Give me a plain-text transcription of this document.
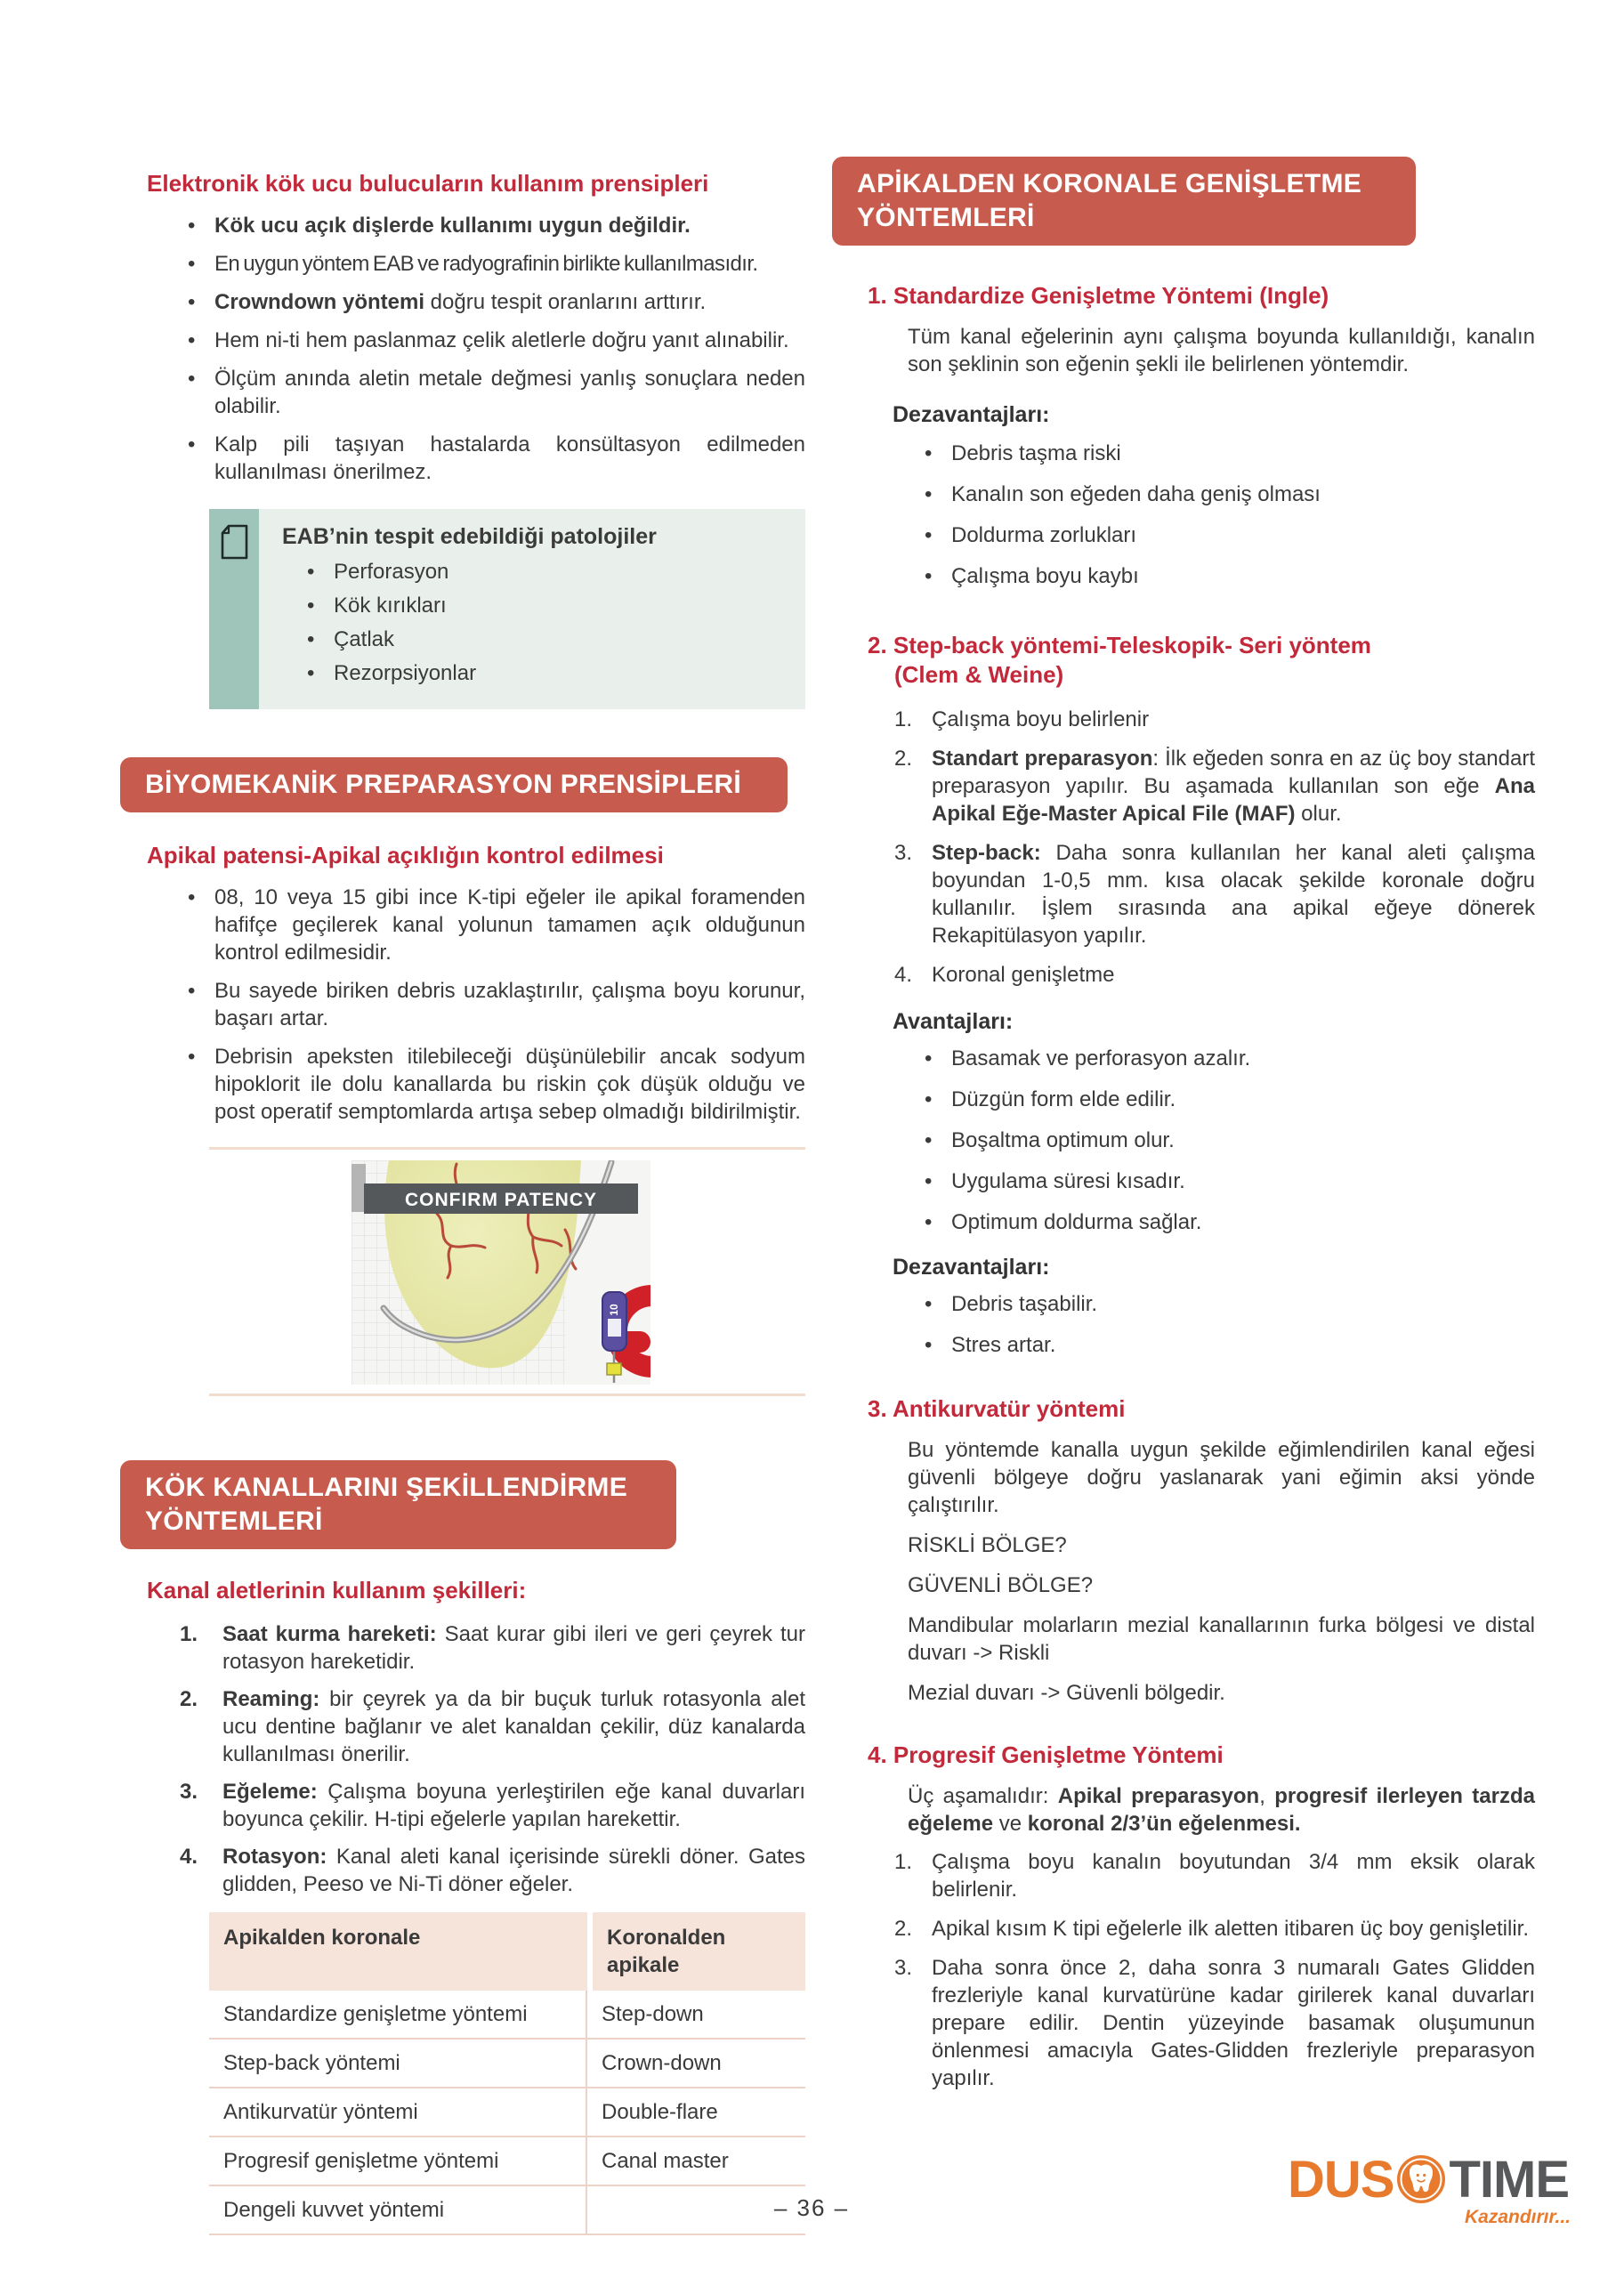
Elektronik kök ucu bulucuların kullanım prensipleri
• Kök ucu açık dişlerde kullanımı uygun değildir.
• En uygun yöntem EAB ve radyografinin birlikte kullanılmasıdır.
• Crowndown yöntemi doğru tespit oranlarını arttırır.
• Hem ni-ti hem paslanmaz çelik aletlerle doğru yanıt alınabilir.
• Ölçüm anında aletin metale değmesi yanlış sonuçlara neden olabilir.
• Kalp pili taşıyan hastalarda konsültasyon edilmeden kullanılması önerilmez.
EAB’nin tespit edebildiği patolojiler
• Perforasyon
• Kök kırıkları
• Çatlak
• Rezorpsiyonlar
BİYOMEKANİK PREPARASYON PRENSİPLERİ
Apikal patensi-Apikal açıklığın kontrol edilmesi
• 08, 10 veya 15 gibi ince K-tipi eğeler ile apikal foramenden hafifçe geçilerek kanal yolunun tamamen açık olduğunun kontrol edilmesidir.
• Bu sayede biriken debris uzaklaştırılır, çalışma boyu korunur, başarı artar.
• Debrisin apeksten itilebileceği düşünülebilir ancak sodyum hipoklorit ile dolu kanallarda bu riskin çok düşük olduğu ve post operatif semptomlarda artışa sebep olmadığı bildirilmiştir.
CONFIRM PATENCY
10
KÖK KANALLARINI ŞEKİLLENDİRME YÖNTEMLERİ
Kanal aletlerinin kullanım şekilleri:
Saat kurma hareketi: Saat kurar gibi ileri ve geri çeyrek tur rotasyon hareketidir.
Reaming: bir çeyrek ya da bir buçuk turluk rotasyonla alet ucu dentine bağlanır ve alet kanaldan çekilir, düz kanalarda kullanılması önerilir.
Eğeleme: Çalışma boyuna yerleştirilen eğe kanal duvarları boyunca çekilir. H-tipi eğelerle yapılan harekettir.
Rotasyon: Kanal aleti kanal içerisinde sürekli döner. Gates glidden, Peeso ve Ni-Ti döner eğeler.
Apikalden koronale	Koronalden apikale
Standardize genişletme yöntemi	Step-down
Step-back yöntemi	Crown-down
Antikurvatür yöntemi	Double-flare
Progresif genişletme yöntemi	Canal master
Dengeli kuvvet yöntemi
APİKALDEN KORONALE GENİŞLETME YÖNTEMLERİ
1. Standardize Genişletme Yöntemi (Ingle)

Tüm kanal eğelerinin aynı çalışma boyunda kullanıldığı, kanalın son şeklinin son eğenin şekli ile belirlenen yöntemdir.

Dezavantajları:
• Debris taşma riski
• Kanalın son eğeden daha geniş olması
• Doldurma zorlukları
• Çalışma boyu kaybı
2. Step-back yöntemi-Teleskopik- Seri yöntem
(Clem & Weine)
Çalışma boyu belirlenir
Standart preparasyon: İlk eğeden sonra en az üç boy standart preparasyon yapılır. Bu aşamada kullanılan son eğe Ana Apikal Eğe-Master Apical File (MAF) olur.
Step-back: Daha sonra kullanılan her kanal aleti çalışma boyundan 1-0,5 mm. kısa olacak şekilde koronale doğru kullanılır. İşlem sırasında ana apikal eğeye dönerek Rekapitülasyon yapılır.
Koronal genişletme
Avantajları:
• Basamak ve perforasyon azalır.
• Düzgün form elde edilir.
• Boşaltma optimum olur.
• Uygulama süresi kısadır.
• Optimum doldurma sağlar.
Dezavantajları:
• Debris taşabilir.
• Stres artar.
3. Antikurvatür yöntemi

Bu yöntemde kanalla uygun şekilde eğimlendirilen kanal eğesi güvenli bölgeye doğru yaslanarak yani eğimin aksi yönde çalıştırılır.

RİSKLİ BÖLGE?

GÜVENLİ BÖLGE?

Mandibular molarların mezial kanallarının furka bölgesi ve distal duvarı -> Riskli

Mezial duvarı -> Güvenli bölgedir.

4. Progresif Genişletme Yöntemi

Üç aşamalıdır: Apikal preparasyon, progresif ilerleyen tarzda eğeleme ve koronal 2/3’ün eğelenmesi.

Çalışma boyu kanalın boyutundan 3/4 mm eksik olarak belirlenir.
Apikal kısım K tipi eğelerle ilk aletten itibaren üç boy genişletilir.
Daha sonra önce 2, daha sonra 3 numaralı Gates Glidden frezleriyle kanal kurvatürüne kadar girilerek kanal duvarları prepare edilir. Dentin yüzeyinde basamak oluşumunun önlenmesi amacıyla Gates-Glidden frezleriyle preparasyon yapılır.
– 36 –	DUS TIME
Kazandırır...
